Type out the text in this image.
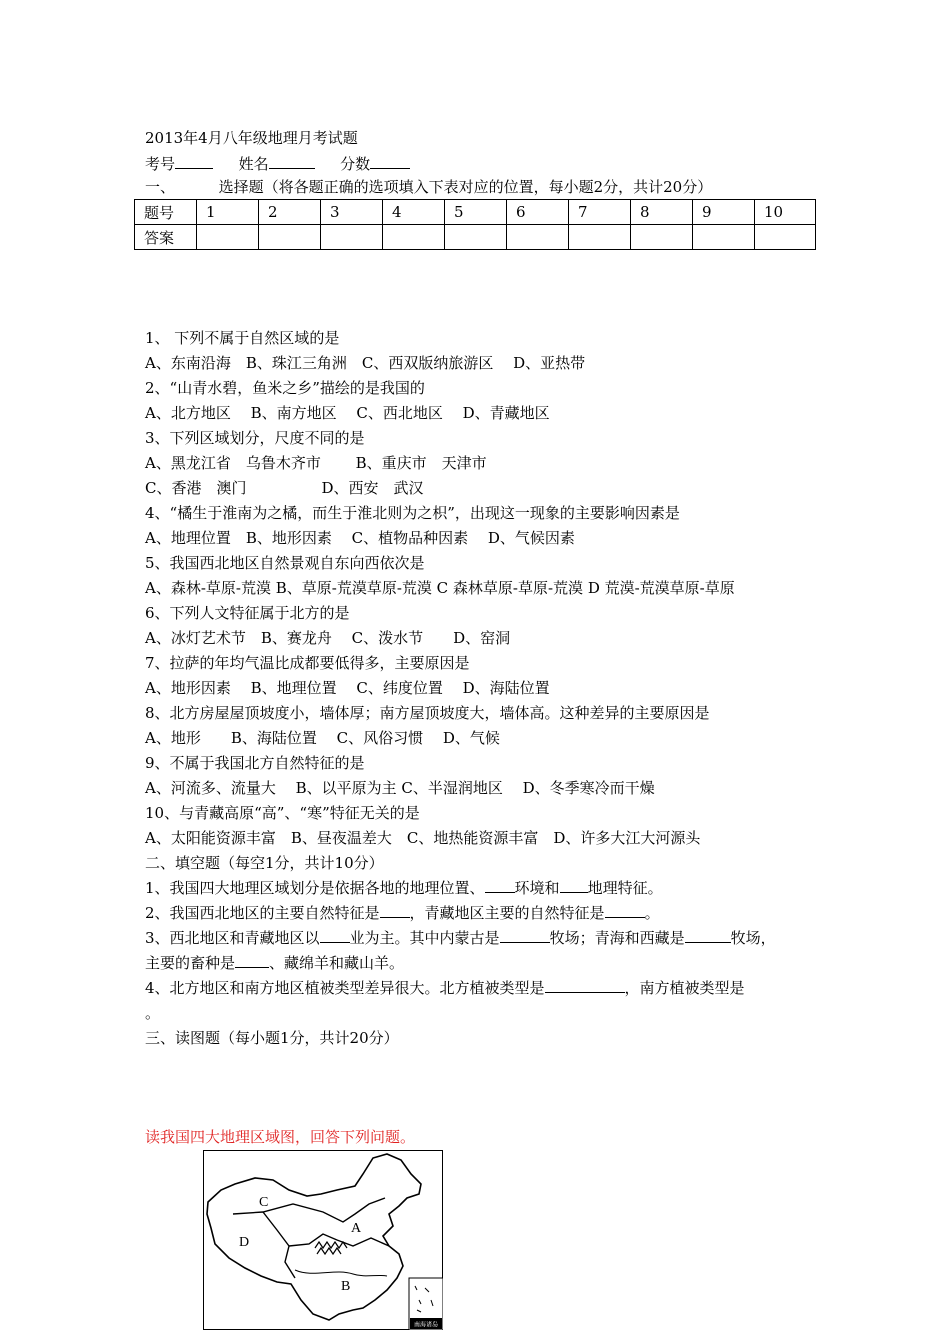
2013年4月八年级地理月考试题
考号	姓名	分数
一、	选择题（将各题正确的选项填入下表对应的位置，每小题2分，共计20分）
题号	1	2	3	4	5	6	7	8	9	10
答案										
1、 下列不属于自然区域的是
A、东南沿海　B、珠江三角洲　C、西双版纳旅游区　 D、亚热带
2、“山青水碧，鱼米之乡”描绘的是我国的
A、北方地区　 B、南方地区　 C、西北地区　 D、青藏地区
3、下列区域划分，尺度不同的是
A、黑龙江省　乌鲁木齐市　　 B、重庆市　天津市
C、香港　澳门　　　　　D、西安　武汉
4、“橘生于淮南为之橘，而生于淮北则为之枳”，出现这一现象的主要影响因素是
A、地理位置　B、地形因素　 C、植物品种因素　 D、气候因素
5、我国西北地区自然景观自东向西依次是
A、森林-草原-荒漠 B、草原-荒漠草原-荒漠 C 森林草原-草原-荒漠 D 荒漠-荒漠草原-草原
6、下列人文特征属于北方的是
A、冰灯艺术节　B、赛龙舟　 C、泼水节　　D、窑洞
7、拉萨的年均气温比成都要低得多，主要原因是
A、地形因素　 B、地理位置　 C、纬度位置　 D、海陆位置
8、北方房屋屋顶坡度小，墙体厚；南方屋顶坡度大，墙体高。这种差异的主要原因是
A、地形　　B、海陆位置　 C、风俗习惯　 D、气候
9、不属于我国北方自然特征的是
A、河流多、流量大　 B、以平原为主 C、半湿润地区　 D、冬季寒冷而干燥
10、与青藏高原“高”、“寒”特征无关的是
A、太阳能资源丰富　B、昼夜温差大　C、地热能资源丰富　D、许多大江大河源头
二、填空题（每空1分，共计10分）
1、我国四大地理区域划分是依据各地的地理位置、 环境和 地理特征。
2、我国西北地区的主要自然特征是 ，青藏地区主要的自然特征是	。
3、西北地区和青藏地区以 业为主。其中内蒙古是	牧场；青海和西藏是	牧场，
主要的畜种是 、藏绵羊和藏山羊。
4、北方地区和南方地区植被类型差异很大。北方植被类型是	，南方植被类型是
。
三、读图题（每小题1分，共计20分）
读我国四大地理区域图，回答下列问题。
C
A
D
B
南海诸岛
